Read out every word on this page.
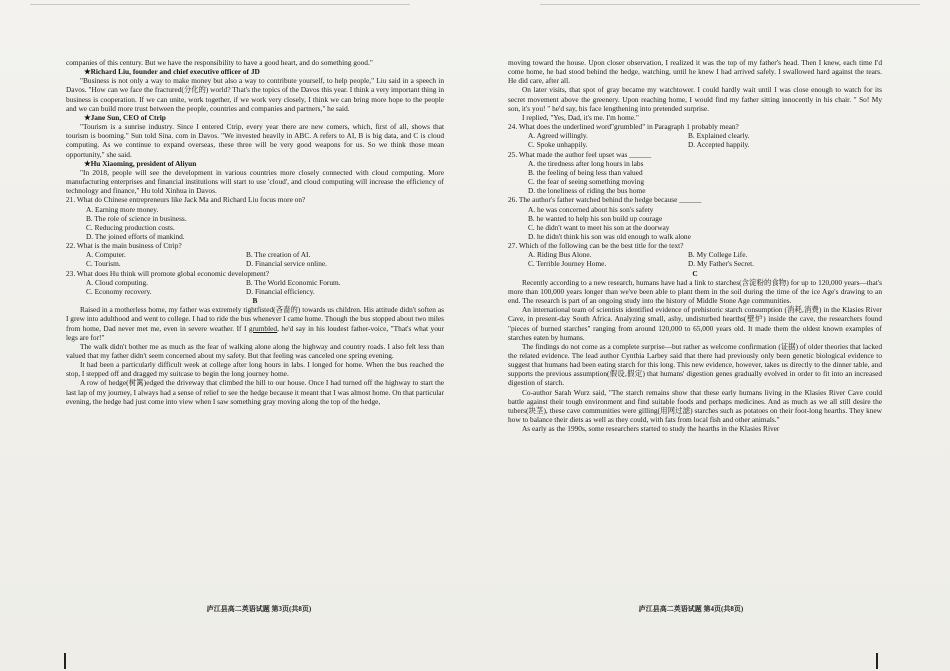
companies of this century. But we have the responsibility to have a good heart, and do something good."

★Richard Liu, founder and chief executive officer of JD

"Business is not only a way to make money but also a way to contribute yourself, to help people," Liu said in a speech in Davos. "How can we face the fractured(分化的) world? That's the topics of the Davos this year. I think a very important thing in business is cooperation. If we can unite, work together, if we work very closely, I think we can bring more hope to the people and we can build more trust between the people, countries and companies and partners," he said.

★Jane Sun, CEO of Ctrip

"Tourism is a sunrise industry. Since I entered Ctrip, every year there are new comers, which, first of all, shows that tourism is booming." Sun told Sina. com in Davos. "We invested heavily in ABC. A refers to AI, B is big data, and C is cloud computing. As we continue to expand overseas, these three will be very good weapons for us. So we think those mean opportunity," she said.

★Hu Xiaoming, president of Aliyun

"In 2018, people will see the development in various countries more closely connected with cloud computing. More manufacturing enterprises and financial institutions will start to use 'cloud', and cloud computing will increase the efficiency of technology and finance," Hu told Xinhua in Davos.

21. What do Chinese entrepreneurs like Jack Ma and Richard Liu focus more on?

A. Earning more money.

B. The role of science in business.

C. Reducing production costs.

D. The joined efforts of mankind.

22. What is the main business of Ctrip?

A. Computer.	B. The creation of AI.
C. Tourism.	D. Financial service online.

23. What does Hu think will promote global economic development?

A. Cloud computing.	B. The World Economic Forum.
C. Economy recovery.	D. Financial efficiency.

B

Raised in a motherless home, my father was extremely tightfisted(吝啬的) towards us children. His attitude didn't soften as I grew into adulthood and went to college. I had to ride the bus whenever I came home. Though the bus stopped about two miles from home, Dad never met me, even in severe weather. If I grumbled, he'd say in his loudest father-voice, "That's what your legs are for!"

The walk didn't bother me as much as the fear of walking alone along the highway and country roads. I also felt less than valued that my father didn't seem concerned about my safety. But that feeling was canceled one spring evening.

It had been a particularly difficult week at college after long hours in labs. I longed for home. When the bus reached the stop, I stepped off and dragged my suitcase to begin the long journey home.

A row of hedge(树篱)edged the driveway that climbed the hill to our house. Once I had turned off the highway to start the last lap of my journey, I always had a sense of relief to see the hedge because it meant that I was almost home. On that particular evening, the hedge had just come into view when I saw something gray moving along the top of the hedge,

moving toward the house. Upon closer observation, I realized it was the top of my father's head. Then I knew, each time I'd come home, he had stood behind the hedge, watching, until he knew I had arrived safely. I swallowed hard against the tears. He did care, after all.

On later visits, that spot of gray became my watchtower. I could hardly wait until I was close enough to watch for its secret movement above the greenery. Upon reaching home, I would find my father sitting innocently in his chair. " So! My son, it's you! " he'd say, his face lengthening into pretended surprise.

I replied, "Yes, Dad, it's me. I'm home."

24. What does the underlined word"grumbled" in Paragraph 1 probably mean?

A. Agreed willingly.	B. Explained clearly.
C. Spoke unhappily.	D. Accepted happily.

25. What made the author feel upset was ______

A. the tiredness after long hours in labs

B. the feeling of being less than valued

C. the fear of seeing something moving

D. the loneliness of riding the bus home

26. The author's father watched behind the hedge because ______

A. he was concerned about his son's safety

B. he wanted to help his son build up courage

C. he didn't want to meet his son at the doorway

D. he didn't think his son was old enough to walk alone

27. Which of the following can be the best title for the text?

A. Riding Bus Alone.	B. My College Life.
C. Terrible Journey Home.	D. My Father's Secret.

C

Recently according to a new research, humans have had a link to starches(含淀粉的食物) for up to 120,000 years—that's more than 100,000 years longer than we've been able to plant them in the soil during the time of the ice Age's drawing to an end. The research is part of an ongoing study into the history of Middle Stone Age communities.

An international team of scientists identified evidence of prehistoric starch consumption (消耗,消费) in the Klasies River Cave, in present-day South Africa. Analyzing small, ashy, undisturbed hearths(壁炉) inside the cave, the researchers found "pieces of burned starches" ranging from around 120,000 to 65,000 years old. It made them the oldest known examples of starches eaten by humans.

The findings do not come as a complete surprise—but rather as welcome confirmation (证据) of older theories that lacked the related evidence. The lead author Cynthia Larbey said that there had previously only been genetic biological evidence to suggest that humans had been eating starch for this long. This new evidence, however, takes us directly to the dinner table, and supports the previous assumption(假设,假定) that humans' digestion genes gradually evolved in order to fit into an increased digestion of starch.

Co-author Sarah Wurz said, "The starch remains show that these early humans living in the Klasies River Cave could battle against their tough environment and find suitable foods and perhaps medicines. And as much as we all still desire the tubers(块茎), these cave communities were gilling(用网过滤) starches such as potatoes on their foot-long hearths. They knew how to balance their diets as well as they could, with fats from local fish and other animals."

As early as the 1990s, some researchers started to study the hearths in the Klasies River

庐江县高二英语试题 第3页(共8页)	庐江县高二英语试题 第4页(共8页)
